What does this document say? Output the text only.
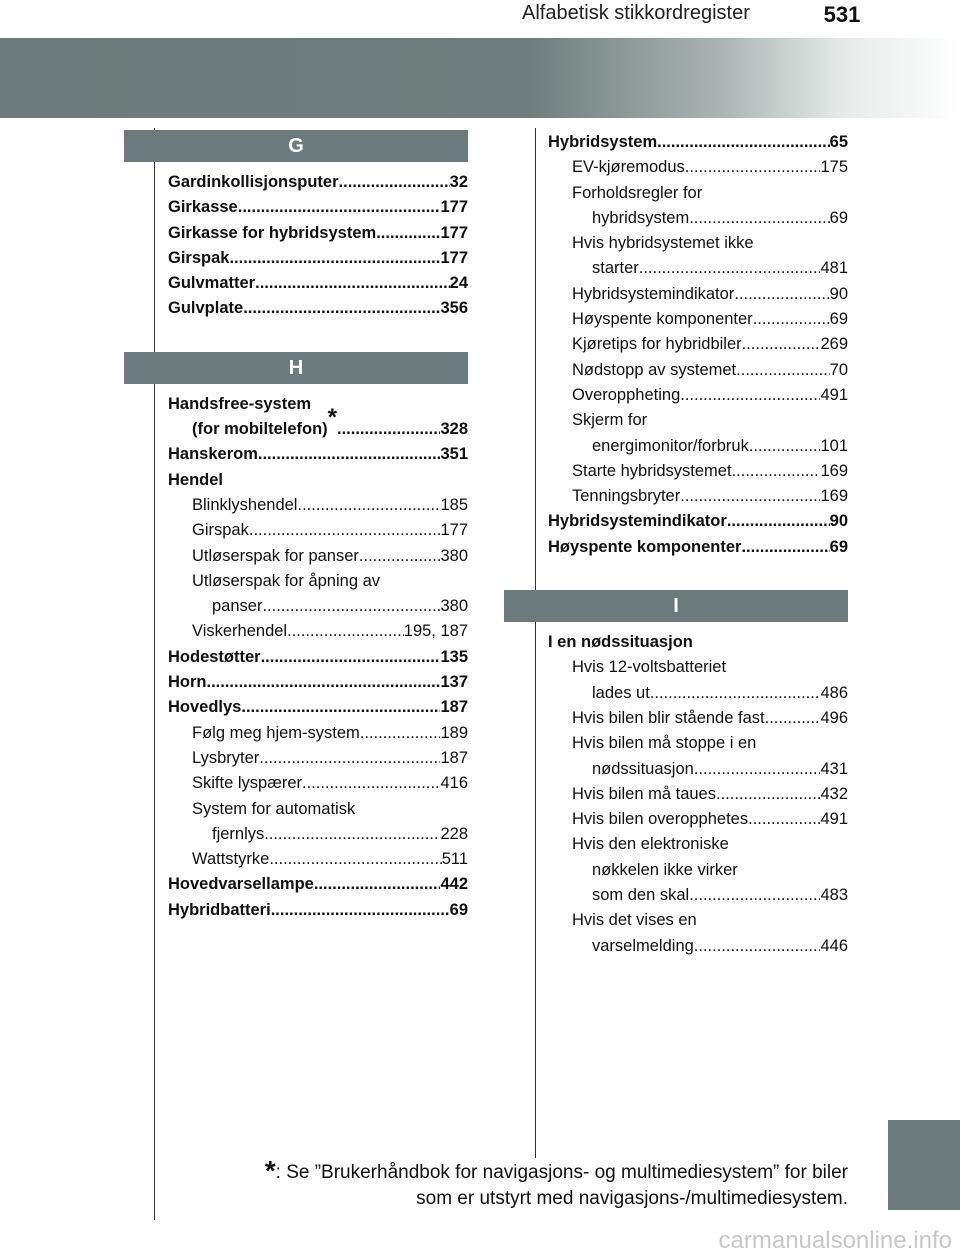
Alfabetisk stikkordregister	531
G
Gardinkollisjonsputer .....	32
Girkasse .....	177
Girkasse for hybridsystem .....	177
Girspak .....	177
Gulvmatter .....	24
Gulvplate .....	356
H
Handsfree-system
(for mobiltelefon) * .....	328
Hanskerom .....	351
Hendel
Blinklyshendel .....	185
Girspak .....	177
Utløserspak for panser .....	380
Utløserspak for åpning av
panser .....	380
Viskerhendel .....	195, 187
Hodestøtter .....	135
Horn .....	137
Hovedlys .....	187
Følg meg hjem-system .....	189
Lysbryter .....	187
Skifte lyspærer .....	416
System for automatisk
fjernlys .....	228
Wattstyrke .....	511
Hovedvarsellampe .....	442
Hybridbatteri .....	69
Hybridsystem .....	65
EV-kjøremodus .....	175
Forholdsregler for
hybridsystem .....	69
Hvis hybridsystemet ikke
starter .....	481
Hybridsystemindikator .....	90
Høyspente komponenter .....	69
Kjøretips for hybridbiler .....	269
Nødstopp av systemet .....	70
Overoppheting .....	491
Skjerm for
energimonitor/forbruk .....	101
Starte hybridsystemet .....	169
Tenningsbryter .....	169
Hybridsystemindikator .....	90
Høyspente komponenter .....	69
I
I en nødssituasjon
Hvis 12-voltsbatteriet
lades ut .....	486
Hvis bilen blir stående fast .....	496
Hvis bilen må stoppe i en
nødssituasjon .....	431
Hvis bilen må taues .....	432
Hvis bilen overopphetes .....	491
Hvis den elektroniske
nøkkelen ikke virker
som den skal .....	483
Hvis det vises en
varselmelding .....	446
*: Se ”Brukerhåndbok for navigasjons- og multimediesystem” for biler
som er utstyrt med navigasjons-/multimediesystem.
carmanualsonline.info
